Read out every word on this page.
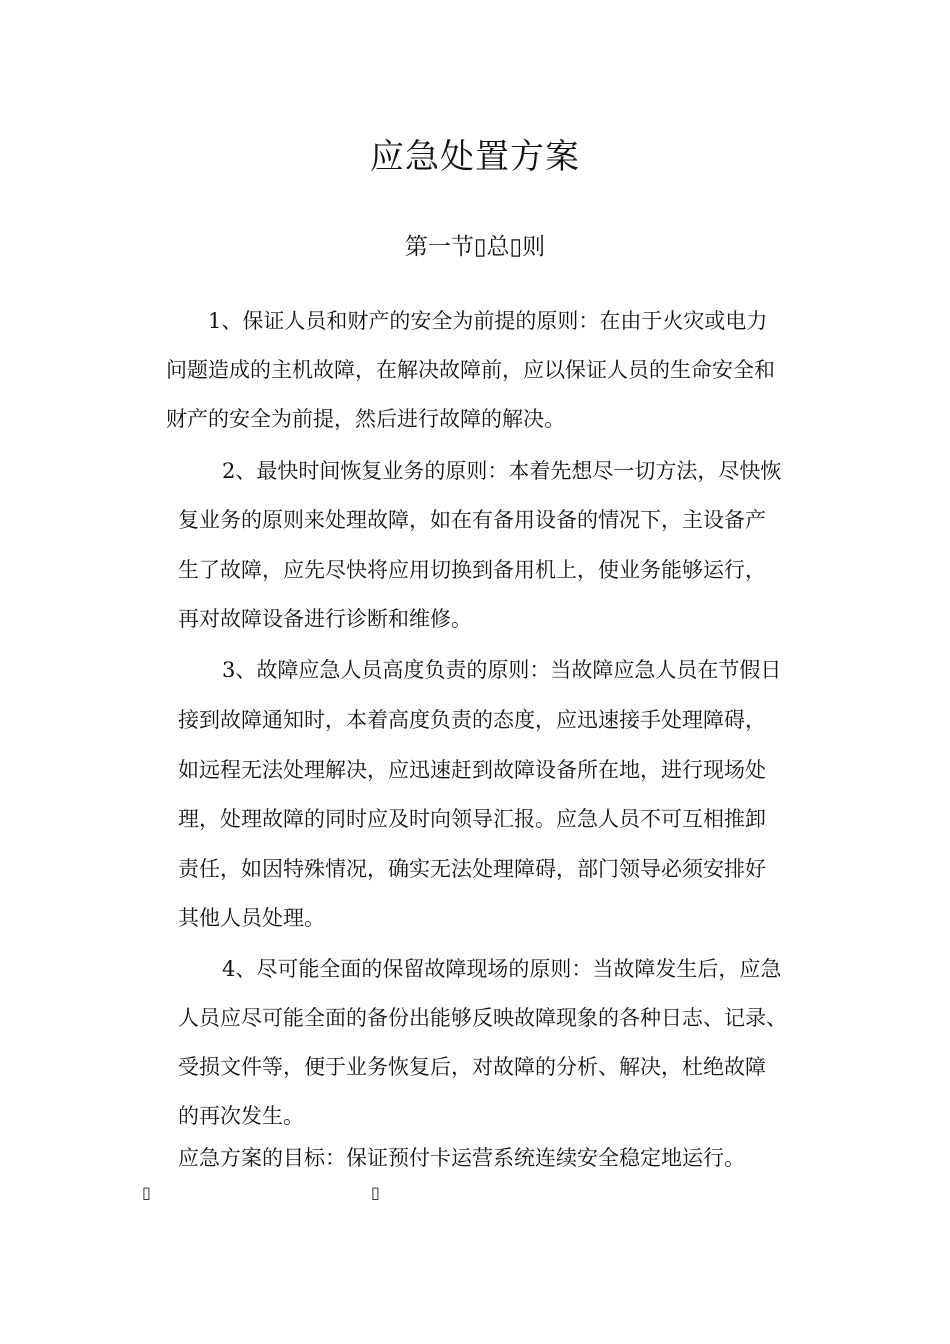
应急处置方案
第一节▯总▯则
1、保证人员和财产的安全为前提的原则：在由于火灾或电力
问题造成的主机故障，在解决故障前，应以保证人员的生命安全和
财产的安全为前提，然后进行故障的解决。
2、最快时间恢复业务的原则：本着先想尽一切方法，尽快恢
复业务的原则来处理故障，如在有备用设备的情况下，主设备产
生了故障，应先尽快将应用切换到备用机上，使业务能够运行，
再对故障设备进行诊断和维修。
3、故障应急人员高度负责的原则：当故障应急人员在节假日
接到故障通知时，本着高度负责的态度，应迅速接手处理障碍，
如远程无法处理解决，应迅速赶到故障设备所在地，进行现场处
理，处理故障的同时应及时向领导汇报。应急人员不可互相推卸
责任，如因特殊情况，确实无法处理障碍，部门领导必须安排好
其他人员处理。
4、尽可能全面的保留故障现场的原则：当故障发生后，应急
人员应尽可能全面的备份出能够反映故障现象的各种日志、记录、
受损文件等，便于业务恢复后，对故障的分析、解决，杜绝故障
的再次发生。
应急方案的目标：保证预付卡运营系统连续安全稳定地运行。
▯	▯
